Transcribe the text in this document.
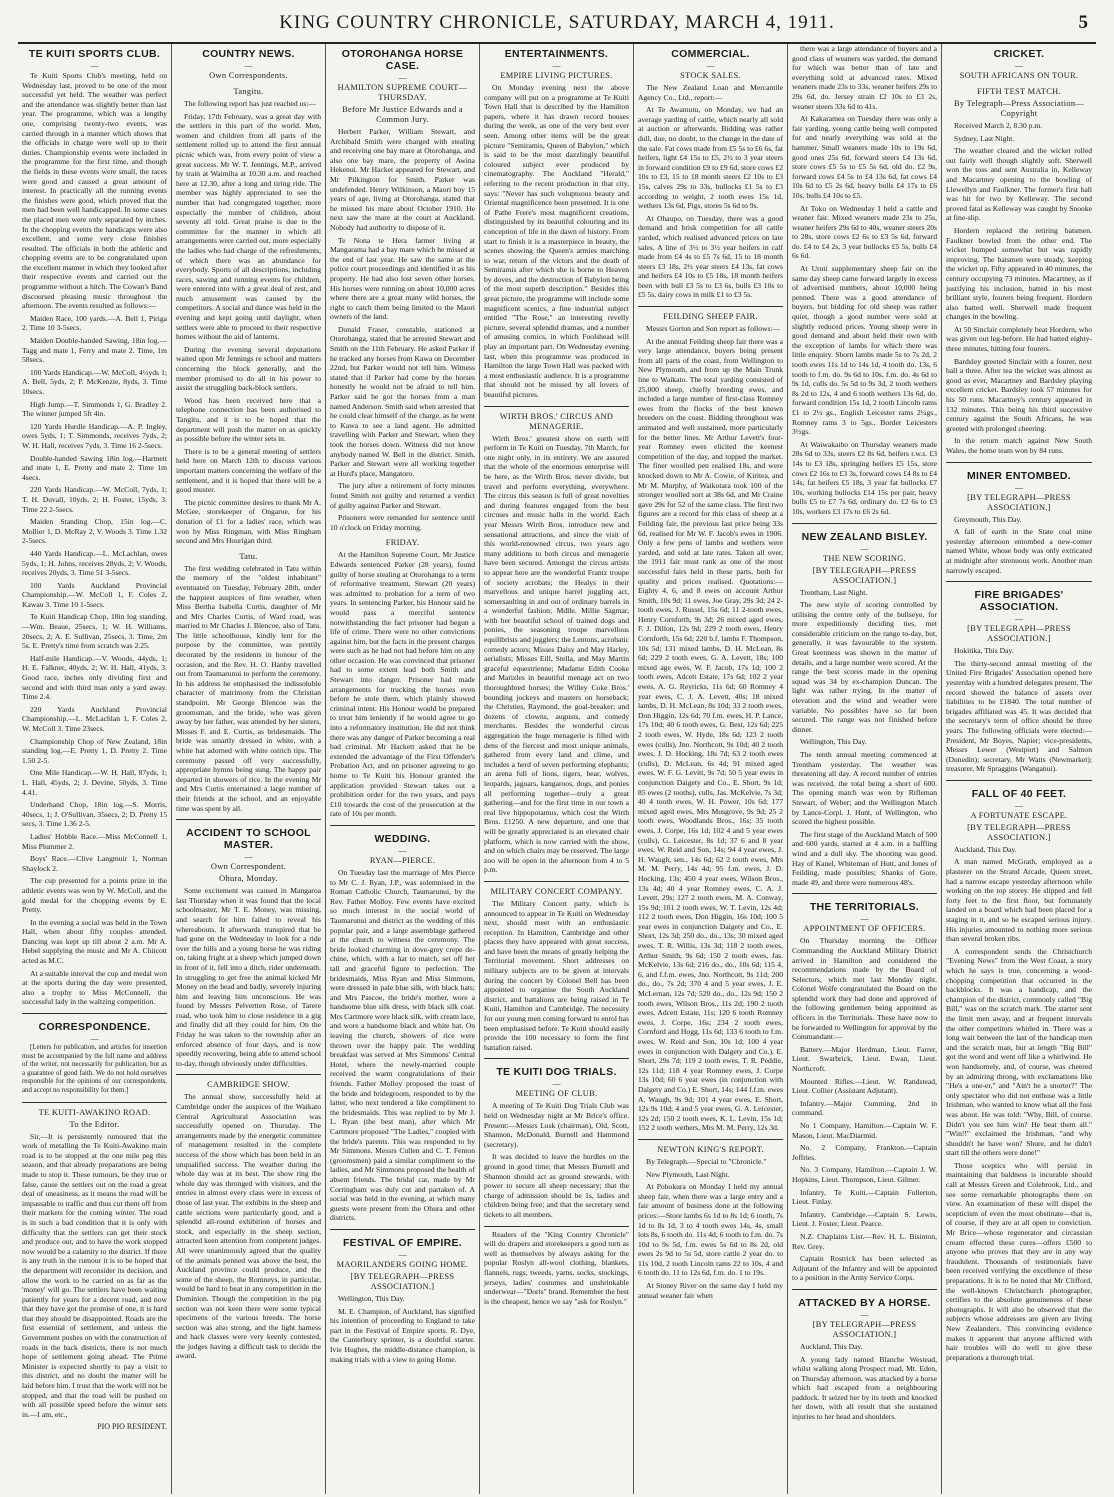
KING COUNTRY CHRONICLE, SATURDAY, MARCH 4, 1911.	5
TE KUITI SPORTS CLUB.
—

Te Kuiti Sports Club's meeting, held on Wednesday last, proved to be one of the most successful yet held. The weather was perfect and the attendance was slightly better than last year. The programme, which was a lengthy one, comprising twenty-two events, was carried through in a manner which shows that the officials in charge were well up to their duties. Championship events were included in the programme for the first time, and though the fields in these events were small, the races were good and caused a great amount of interest. In practically all the running events the finishes were good, which proved that the men had been well handicapped. In some cases the placed men were only separated by inches. In the chopping events the handicaps were also excellent, and some very close finishes resulted. The officials in both the athletic and chopping events are to be congratulated upon the excellent manner in which they looked after their respective events and carried out the programme without a hitch. The Cowan's Band discoursed pleasing music throughout the afternoon. The events resulted as follows:—

Maiden Race, 100 yards.—A. Bell 1, Piriga 2. Time 10 3-5secs.

Maiden Double-handed Sawing, 18in log.—Tagg and mate 1, Ferry and mate 2. Time, 1m 58secs.

100 Yards Handicap.—W. McColl, 4½yds 1; A. Bell, 5yds, 2; P. McKenzie, 8yds, 3. Time 10secs.

High Jump.—T. Simmonds 1, G. Bradley 2. The winner jumped 5ft 4in.

120 Yards Hurdle Handicap.—A. P. Ingley, owes 5yds, 1; T. Simmonds, receives 7yds, 2; W. H. Hall, receives 7yds, 3. Time 16 2-5secs.

Double-handed Sawing 18in log.—Hartnett and mate 1, E. Pretty and mate 2. Time 1m 4secs.

220 Yards Handicap.—W. McColl, 7yds, 1; T. H. Duvall, 10yds, 2; H. Foster, 15yds, 3. Time 22 2-5secs.

Maiden Standing Chop, 15in log.—C. Mollier 1, D. McRay 2, V. Woods 3. Time 1.32 2-5secs.

440 Yards Handicap.—L. McLachlan, owes 5yds, 1; H. Johns, receives 28yds, 2; V. Woods, receives 20yds, 3. Time 51 3-5secs.

100 Yards Auckland Provincial Championship.—W. McColl 1, F. Coles 2, Kawau 3. Time 10 1-5secs.

Te Kuiti Handicap Chop, 18in log standing.—Wm. Beaue, 25secs, 1; W. H. Williams, 20secs, 2; A. E. Sullivan, 25secs, 3. Time, 2m 5s. E. Pretty's time from scratch was 2.25.

Half-mile Handicap.—V. Woods, 44yds, 1; H. E. Falkner, 40yds, 2; W. H. Hall, 41yds, 3. Good race, inches only dividing first and second and with third man only a yard away. Time 2.4.

220 Yards Auckland Provincial Championship.—L. McLachlan 1, F. Coles 2, W. McColl 3. Time 23secs.

Championship Chop of New Zealand, 18in standing log.—E. Pretty 1, D. Pretty 2. Time 1.50 2-5.

One Mile Handicap.—W. H. Hall, 87yds, 1; L. Hall, 45yds, 2; J. Devine, 50yds, 3. Time 4.41.

Underhand Chop, 18in log.—S. Morris, 40secs, 1; J. O'Sullivan, 35secs, 2; D. Pretty 15 secs, 3. Time 1.36 2-5.

Ladies' Hobble Race.—Miss McConnell 1, Miss Plummer 2.

Boys' Race.—Clive Langmuir 1, Norman Shaylock 2.

The cup presented for a points prize in the athletic events was won by W. McColl, and the gold medal for the chopping events by E. Pretty.

In the evening a social was held in the Town Hall, when about fifty couples attended. Dancing was kept up till about 2 a.m. Mr A. Hebel supplying the music and Mr A. Chitcott acted as M.C.

At a suitable interval the cup and medal won at the sports during the day were presented, also a trophy to Miss McConnell, the successful lady in the waltzing competition.

CORRESPONDENCE.
—

[Letters for publication, and articles for insertion must be accompanied by the full name and address of the writer, not necessarily for publication, but as a guarantee of good faith. We do not hold ourselves responsible for the opinions of our correspondents, and accept no responsibility for them.]

TE KUITI-AWAKINO ROAD.
To the Editor.

Sir,—It is persistently rumoured that the work of metalling the Te Kuiti-Awakino main road is to be stopped at the one mile peg this season, and that already preparations are being made to stop it. These rumours, be they true or false, cause the settlers out on the road a great deal of uneasiness, as it means the road will be impassable to traffic and thus cut them off from their markets for the coming winter. The road is in such a bad condition that it is only with difficulty that the settlers can get their stock and produce out, and to have the work stopped now would be a calamity to the district. If there is any truth in the rumour it is to be hoped that the department will reconsider its decision, and allow the work to be carried on as far as the 'money' will go. The settlers have been waiting patiently for years for a decent road, and now that they have got the promise of one, it is hard that they should be disappointed. Roads are the first essential of settlement, and unless the Government pushes on with the construction of roads in the back districts, there is not much hope of settlement going ahead. The Prime Minister is expected shortly to pay a visit to this district, and no doubt the matter will be laid before him. I trust that the work will not be stopped, and that the road will be pushed on with all possible speed before the winter sets in.—I am, etc.,

PIO PIO RESIDENT.
COUNTRY NEWS.
—
Own Correspondents.
Tangitu.

The following report has just reached us:—

Friday, 17th February, was a great day with the settlers in this part of the world. Men, women and children from all parts of the settlement rolled up to attend the first annual picnic which was, from every point of view a great success. Mr W. T. Jennings, M.P., arrived by train at Waimiha at 10.30 a.m. and reached here at 12.30, after a long and tiring ride. The member was highly appreciated to see the number that had congregated together, more especially the number of children, about seventy all told. Great praise is due to the committee for the manner in which all arrangements were carried out, more especially the ladies who had charge of the refreshments, of which there was an abundance for everybody. Sports of all descriptions, including races, sawing and running events for children, were entered into with a great deal of zest, and much amusement was caused by the competitors. A social and dance was held in the evening and kept going until daylight, when settlers were able to proceed to their respective homes without the aid of lanterns.

During the evening several deputations waited upon Mr Jennings re school and matters concerning the block generally, and the member promised to do all in his power to assist the struggling back-block settlers.

Wood has been received here that a telephone connection has been authorised to Tangitu, and it is to be hoped that the department will push the matter on as quickly as possible before the winter sets in.

There is to be a general meeting of settlers held here on March 12th to discuss various important matters concerning the welfare of the settlement, and it is hoped that there will be a good muster.

The picnic committee desires to thank Mr A. McGee, storekeeper of Ongarue, for his donation of £1 for a ladies' race, which was won by Miss Ringman, with Miss Ringham second and Mrs Hourigan third.

Tatu.

The first wedding celebrated in Tatu within the memory of the "oldest inhabitant" eventuated on Tuesday, February 28th, under the happiest auspices of fine weather, when Miss Bertha Isabella Curtis, daughter of Mr and Mrs Charles Curtis, of Ward road, was married to Mr Charles J. Blencoe, also of Tatu. The little schoolhouse, kindly lent for the purpose by the committee, was prettily decorated by the residents in honour of the occasion, and the Rev. H. O. Hanby travelled out from Taumarunui to perform the ceremony. In his address he emphasised the indissoluble character of matrimony from the Christian standpoint. Mr George Blencoe was the groomsman, and the bride, who was given away by her father, was attended by her sisters, Misses F. and E. Curtis, as bridesmaids. The bride was smartly dressed in white, with a white hat adorned with white ostrich tips. The ceremony passed off very successfully, appropriate hymns being sung. The happy pair departed in showers of rice. In the evening Mr and Mrs Curtis entertained a large number of their friends at the school, and an enjoyable time was spent by all.

ACCIDENT TO SCHOOL MASTER.
—
Own Correspondent.
Ohura, Monday.

Some excitement was caused in Mangaroa last Thursday when it was found that the local schoolmaster, Mr T. E. Money, was missing, and search for him failed to reveal his whereabouts. It afterwards transpired that he had gone on the Wednesday to look for a ride over the hills and a young horse he was riding on, taking fright at a sheep which jumped down in front of it, fell into a ditch, rider underneath. In struggling to get free the animal kicked Mr Money on the head and badly, severely injuring him and leaving him unconscious. He was found by Messrs Pelvertten Rose, of Tarere road, who took him to close residence in a gig and finally did all they could for him. On the Friday he was taken to the township after an enforced absence of four days, and is now speedily recovering, being able to attend school to-day, though obviously under difficulties.

CAMBRIDGE SHOW.

The annual show, successfully held at Cambridge under the auspices of the Waikato Central Agricultural Association was successfully opened on Thursday. The arrangements made by the energetic committee of management resulted in the complete success of the show which has been held in an unqualified success. The weather during the whole day was at its best. The show ring the whole day was thronged with visitors, and the entries in almost every class were in excess of those of last year. The exhibits in the sheep and cattle sections were particularly good, and a splendid all-round exhibition of horses and stock, and especially in the sheep section, attracted keen attention from competent judges. All were unanimously agreed that the quality of the animals penned was above the best, the Auckland province could produce, and the some of the sheep, the Romneys, in particular, would be hard to beat in any competition in the Dominion. Though the competition in the pig section was not keen there were some typical specimens of the various breeds. The horse section was also strong, and the light harness and hack classes were very keenly contested, the judges having a difficult task to decide the award.

OTOROHANGA HORSE CASE.
—
HAMILTON SUPREME COURT—THURSDAY.
Before Mr Justice Edwards and a Common Jury.

Herbert Parker, William Stewart, and Archibald Smith were charged with stealing and receiving one bay mare at Otorohanga, and also one bay mare, the property of Awina Hekenui. Mr Hacket appeared for Stewart, and Mr Pilkington for Smith. Parker was undefended. Henry Wilkinson, a Maori boy 15 years of age, living at Otorohanga, stated that he missed his mare about October 1910. He next saw the mare at the court at Auckland. Nobody had authority to dispose of it.

Te Nona te Hera farmer living at Mangarama had a bay mare which he missed at the end of last year. He saw the same at the police court proceedings and identified it as his property. He had also lost seven other horses. His horses were running on about 10,000 acres where there are a great many wild horses, the right to catch them being limited to the Maori owners of the land.

Donald Fraser, constable, stationed at Otorohanga, stated that he arrested Stewart and Smith on the 11th February. He asked Parker if he tracked any horses from Kawa on December 22nd, but Parker would not tell him. Witness stated that if Parker had come by the horses honestly he would not be afraid to tell him. Parker said he got the horses from a man named Anderson. Smith said when arrested that he could clear himself of the charge, as he went to Kawa to see a land agent. He admitted travelling with Parker and Stewart, when they took the horses down. Witness did not know anybody named W. Bell in the district. Smith, Parker and Stewart were all working together at Hurd's place, Mangatoro.

The jury after a retirement of forty minutes found Smith not guilty and returned a verdict of guilty against Parker and Stewart.

Prisoners were remanded for sentence until 10 o'clock on Friday morning.

FRIDAY.

At the Hamilton Supreme Court, Mr Justice Edwards sentenced Parker (28 years), found guilty of horse stealing at Otorohanga to a term of reformative treatment, Stewart (20 years) was admitted to probation for a term of two years. In sentencing Parker, his Honour said he would pass a merciful sentence notwithstanding the fact prisoner had begun a life of crime. There were no other convictions against him, but the facts in the present charges were such as he had not had before him on any other occasion. He was convinced that prisoner had to some extent lead both Smith and Stewart into danger. Prisoner had made arrangements for trucking the horses even before he stole them, which plainly showed criminal intent. His Honour would be prepared to treat him leniently if he would agree to go into a reformatory institution. He did not think there was any danger of Parker becoming a real bad criminal. Mr Hackett asked that he be extended the advantage of the First Offender's Probation Act, and on prisoner agreeing to go home to Te Kuiti his Honour granted the application provided Stewart takes out a prohibition order for the two years, and pays £10 towards the cost of the prosecution at the rate of 10s per month.

WEDDING.
—
RYAN—PIERCE.

On Tuesday last the marriage of Mrs Pierce to Mr C. J. Ryan, J.P., was solemnised in the Roman Catholic Church, Taumarunui, by the Rev. Father Molloy. Few events have excited so much interest in the social world of Taumarunui and district as the wedding of this popular pair, and a large assemblage gathered at the church to witness the ceremony. The bride looked charming in dove-grey crepe de-chine, which, with a hat to match, set off her tall and graceful figure to perfection. The bridesmaids, Miss Ryan and Miss Simmons, were dressed in pale blue silk, with black hats; and Mrs Pascoe, the bride's mother, wore a handsome blue silk dress, with black silk coat. Mrs Cartmore wore black silk, with cream lace, and wore a handsome black and white hat. On leaving the church, showers of rice were thrown over the happy pair. The wedding breakfast was served at Mrs Simmons' Central Hotel, where the newly-married couple received the warm congratulations of their friends. Father Molloy proposed the toast of the bride and bridegroom, responded to by the latter, who next tendered a like compliment to the bridesmaids. This was replied to by Mr J. L. Ryan (the best man), after which Mr Cartmore proposed "The Ladies," coupled with the bride's parents. This was responded to by Mr Simmons. Messrs Cullen and C. T. Fenton (groomsmen) paid a similar compliment to the ladies, and Mr Simmons proposed the health of absent friends. The bridal car, made by Mr Corringham was duly cut and partaken of. A social was held in the evening, at which many guests were present from the Ohura and other districts.

FESTIVAL OF EMPIRE.
—
MAORILANDERS GOING HOME.
[BY TELEGRAPH—PRESS ASSOCIATION.]

Wellington, This Day.

M. E. Champion, of Auckland, has signified his intention of proceeding to England to take part in the Festival of Empire sports. R. Dye, the Canterbury sprinter, is a doubtful starter. Ivie Hughes, the middle-distance champion, is making trials with a view to going Home.

ENTERTAINMENTS.
—
EMPIRE LIVING PICTURES.

On Monday evening next the above company will put on a programme at Te Kuiti Town Hall that is described by the Hamilton papers, where it has drawn record houses during the week, as one of the very best ever seen. Among other items will be the great picture "Semiramis, Queen of Babylon," which is said to be the most dazzlingly beautiful coloured subject ever produced by cinematography. The Auckland "Herald," referring to the recent production in that city, says: "Never has such voluptuous beauty and Oriental magnificence been presented. It is one of Pathe Frere's most magnificent creations, distinguished by its beautiful colouring and its conception of life in the dawn of history. From start to finish it is a masterpiece in beauty, the scenes showing the Queen's armies marching to war, return of the victors and the death of Semiramis after which she is borne to Heaven by doves, and the destruction of Babylon being of the most superb description." Besides this great picture, the programme will include some magnificent scenics, a fine industrial subject entitled "The Rose," an interesting revelly picture, several splendid dramas, and a number of amusing comics, in which Foolshead will play an important part. On Wednesday evening last, when this programme was produced in Hamilton the large Town Hall was packed with a most enthusiastic audience. It is a programme that should not be missed by all lovers of beautiful pictures.

WIRTH BROS.' CIRCUS AND MENAGERIE.

Wirth Bros.' greatest show on earth will perform in Te Kuiti on Tuesday, 7th March, for one night only, in its entirety. We are assured that the whole of the enormous enterprise will be here, as the Wirth Bros. never divide, but travel and perform everything, everywhere. The circus this season is full of great novelties and during features engaged from the best circuses and music halls in the world. Each year Messrs Wirth Bros. introduce new and sensational attractions, and since the visit of this world-renowned circus, two years ago many additions to both circus and menagerie have been secured. Amongst the circus artists to appear here are the wonderful Frantz troupe of society acrobats; the Healys in their marvellous and unique barrel juggling act, somersaulting in and out of ordinary barrels in a wonderful fashion; Mdlle. Millie Sagmar, with her beautiful school of trained dogs and ponies, the seasoning troupe marvellous equilibrists and jugglers; the Lentons, acrobatic comedy actors; Misses Daisy and May Harley, aerialists; Misses Eill, Stella, and May Martin graceful equestrienne; Madame Edith Cooke and Marizles in beautiful menage act on two thoroughbred horses; the Willey Coke Bros.' bounding jockeys and masters on horseback; the Christies, Raymond, the goal-breaker; and dozens of clowns, augusts, and comedy merchants. Besides the wonderful circus aggregation the huge menagerie is filled with dens of the fiercest and most unique animals, gathered from every land and clime, and includes a herd of seven performing elephants; an arena full of lions, tigers, bear, wolves, leopards, jaguars, kangaroos, dogs, and ponies all performing together—truly a great gathering—and for the first time in our town a real live hippopotamus, which cost the Wirth Bros. £1250. A new departure, and one that will be greatly appreciated is an elevated chair platform, which is now carried with the show, and on which chairs may be reserved. The large zoo will be open in the afternoon from 4 to 5 p.m.

MILITARY CONCERT COMPANY.

The Military Concert party, which is announced to appear in Te Kuiti on Wednesday next, should meet with an enthusiastic reception. In Hamilton, Cambridge and other places they have appeared with great success, and have been the means of greatly helping the Territorial movement. Short addresses on military subjects are to be given at intervals during the concert by Colonel Bell has been appointed to organise the South Auckland district, and battalions are being raised in Te Kuiti, Hamilton and Cambridge. The necessity for our young men coming forward to enrol has been emphasised before. Te Kuiti should easily provide the 100 necessary to form the first battalion raised.

TE KUITI DOG TRIALS.
—
MEETING OF CLUB.

A meeting of Te Kuiti Dog Trials Club was held on Wednesday night at Mr Brice's office. Present:—Messrs Lusk (chairman), Old, Scott, Shannon, McDonald, Burnell and Hammond (secretary).

It was decided to leave the hurdles on the ground in good time; that Messrs Burnell and Shannon should act as ground stewards, with power to secure all sheep necessary; that the charge of admission should be 1s, ladies and children being free; and that the secretary send tickets to all members.

Readers of the "King Country Chronicle" will do drapers and storekeepers a good turn as well as themselves by always asking for the popular Roslyn all-wool clothing, blankets, flannels, rugs, tweeds, yarns, socks, stockings, jerseys, ladies' costumes and unshrinkable underwear—"Doris" brand. Remember the best is the cheapest, hence we say "ask for Roslyn."

COMMERCIAL.
—
STOCK SALES.

The New Zealand Loan and Mercantile Agency Co., Ltd., report:—

At Te Awamutu, on Monday, we had an average yarding of cattle, which nearly all sold at auction or afterwards. Bidding was rather dull, due, no doubt, to the change in the date of the sale. Fat cows made from £5 5s to £6 6s, fat heifers, light £4 15s to £5, 2½ to 3 year steers in forward condition £9 to £9 6d, store cows £2 10s to £3, 15 to 18 month steers £2 10s to £3 15s, calves 29s to 33s, bullocks £1 5s to £3 according to weight, 2 tooth ewes 15s 1d, wethers 13s 6d, Pigs, stores 5s 6d to 9s.

At Ohaupo, on Tuesday, there was a good demand and brisk competition for all cattle yarded, which realised advanced prices on late sales. A line of 3½ to 3½ year heifers in calf made from £4 4s to £5 7s 6d, 15 to 18 month steers £3 18s, 2½ year steers £4 13s, fat cows and heifers £4 10s to £5 18s, 18 month heifers been with bull £3 5s to £3 6s, bulls £3 10s to £5 5s, dairy cows in milk £1 to £3 5s.

FEILDING SHEEP FAIR.

Messrs Gorton and Son report as follows:—

At the annual Feilding sheep fair there was a very large attendance, buyers being present from all parts of the coast, from Wellington to New Plymouth, and from up the Main Trunk line to Waikato. The total yarding consisted of 25,000 sheep, chiefly breeding ewes, and included a large number of first-class Romney ewes from the flocks of the best known breeders on the coast. Bidding throughout was animated and well sustained, more particularly for the better lines. Mr Arthur Levett's four-year Romney ewes elicited the keenest competition of the day, and topped the market. The finer woolled pen realised 18s, and were knocked down to Mr A. Cowie, of Kiritea, and Mr M. Murphy, of Waikotara took 100 of the stronger woolled sort at 38s 6d, and Mr Craine gave 29s for 52 of the same class. The first two figures are a record for this class of sheep at a Feilding fair, the previous last price being 33s 6d, realised for Mr W. F. Jacob's ewes in 1906. Only a few pens of lambs and wethers were yarded, and sold at late rates. Taken all over, the 1911 fair must rank as one of the most successful fairs held in these parts, both for quality and prices realised. Quotations:—Eighty 4, 6, and 8 ewes on account Arthur Smith, 10s 9d; 11 ewes, Joe Gray, 29s 3d; 24 2-tooth ewes, J. Russel, 15s 6d; 11 2-tooth ewes, Henry Cornforth, 9s 3d; 26 mixed aged ewes, F. J. Dillon, 12s 9d; 229 2 tooth ewes, Henry Cornforth, 15s 6d; 220 b.f. lambs F. Thompson, 10s 5d; 131 mixed lambs, D. H. McLean, 8s 6d; 229 2 tooth ewes, G. A. Levett, 18s; 100 mixed age ewes, W. F. Jacob, 17s 1d; 100 2 tooth ewes, Adcett Estate, 17s 6d; 102 2 year ewes, A. G. Reyricks, 11s 6d; 60 Romney 4 year ewes, C. J. A. Levett, 40s; 18 mixed lambs, D. H. McLean, 8s 10d; 33 2 tooth ewes, Don Higgin, 12s 6d; 70 f.m. ewes, H. P. Lance, 17s 10d; 40 6 tooth ewes, G. Best, 12s 6d; 225 2 tooth ewes, W. Hyde, 18s 6d; 123 2 tooth ewes (culls), Jno. Northcott, 9s 10d; 40 2 tooth ewes, J. D. Hocking, 18s 7d; 63 2 tooth ewes (culls), D. McLean, 6s 4d; 91 mixed aged ewes, W. F. G. Levitt, 9s 7d; 50 5 year ewes in conjunction Daigety and Co., E. Short, 9s 1d; 85 ewes (2 tooths), culls, Jas. McKelvie, 7s 3d; 40 4 tooth ewes, W. H. Power, 10s 6d; 177 mixed aged ewes, Mrs Musgrove, 9s 9d; 25 2 tooth ewes, Woodlands Bros., 16s; 35 tooth ewes, J. Corpe, 16s 1d; 102 4 and 5 year ewes (culls), G. Leicester, 8s 1d; 37 6 and 8 year ewes, W. Reid and Son, 14s; 94 4 year ewes, J. H. Waugh, sen., 14s 6d; 62 2 tooth ewes, Mrs M. M. Perry, 14s 4d; 95 f.m. ewes, J. D. Hocking, 13s; 450 4 year ewes, Wilson Bros., 13s 4d; 40 4 year Romney ewes, C. A. J. Levett, 29s; 127 2 tooth ewes, M. A. Conway, 15s 9d; 101 2 tooth ewes, W. T. Levin, 12s 4d; 112 2 tooth ewes, Don Higgin, 16s 10d; 100 5 year ewes in conjunction Daigety and Co., E. Short, 12s 3d; 250 do., do., 13s; 30 mixed aged ewes, T. R. Willis, 13s 3d; 118 2 tooth ewes, Arthur Smith, 9s 6d; 150 2 tooth ewes, Jas. McKelvie, 13s 6d; 216 do., do., 10s 6d; 115 4, 6, and f.f.m. ewes, Jno. Northcott, 9s 11d; 200 do., do., 7s 2d; 370 4 and 5 year ewes, J. E. McLernan, 12s 7d; 520 do., do., 12s 9d; 150 2 tooth ewes, Wilson Bros., 11s 2d; 190 2 tooth ewes, Adcett Estate, 11s; 120 6 tooth Romney ewes, J. Corpe, 16s; 234 2 tooth ewes, Cornford and Hogg, 11s 6d; 133 6 tooth to f.m. ewes, W. Reid and Son, 10s 1d; 100 4 year ewes in conjunction with Dalgety and Co.), E. Short, 29s 7d; 119 2 tooth ewes, T. R. Peddie, 12s 11d; 118 4 year Romney ewes, J. Corpe 13s 10d; 60 6 year ewes (in conjunction with Dalgety and Co.) E. Short, 14s; 144 f.f.m. ewes A. Waugh, 9s 9d; 101 4 year ewes, E. Short, 12s 9s 10d; 4 and 5 year ewes, G. A. Leicester, 12s 2d; 150 2 tooth ewes, K. L. Levin, 15s 1d; 152 2 tooth wethers, Mrs M. M. Perry, 12s 3d.

NEWTON KING'S REPORT.

By Telegraph.—Special to "Chronicle."

New Plymouth, Last Night.

At Pohokura on Monday I held my annual sheep fair, when there was a large entry and a fair amount of business done at the following prices:—Store lambs 6s 1d to 8s 1d; 6 tooth, 7s 1d to 8s 1d, 3 to 4 tooth ewes 14s, 4s, small lots 8s, 6 tooth do. 11s 4d, 6 tooth to f.m. do. 7s 10d to 9s 5d, f.m. ewes 5s 6d to 8s 2d, old ewes 2s 9d to 5s 5d, store cattle 2 year do. to 11s 10d, 2 tooth Lincoln rams 22 to 10s, 4 and 6 tooth do. 11 to 12s 6d, f.m. do. 1 to 19s.

At Stoney River on the same day I held my annual weaner fair when

there was a large attendance of buyers and a good class of weaners was yarded, the demand for which was better than of late and everything sold at advanced rates. Mixed weaners made 23s to 33s, weaner heifers 29s to 29s 6d, do. Jersey strain £2 10s to £3 2s, weaner steers 33s 6d to 41s.

At Kakaramea on Tuesday there was only a fair yarding, young cattle being well competed for and nearly everything was sold at the hammer. Small weaners made 10s to 19s 6d, good ones 25s 6d, forward steers £4 13s 6d, store cows £5 5s to £5 5s 6d, old do. £2 9s, forward cows £4 5s to £4 13s 6d, fat cows £4 10s 6d to £5 2s 6d, heavy bulls £4 17s to £6 10s, bulls £4 10s to £5.

At Toko on Wednesday I held a cattle and weaner fair. Mixed weaners made 23s to 25s, weaner heifers 29s 6d to 40s, weaner steers 20s to 28s, store cows £2 6s to £3 5s 6d, forward do. £4 to £4 2s, 3 year bullocks £5 5s, bulls £4 6s 6d.

At Uruti supplementary sheep fair on the same day sheep came forward largely in excess of advertised numbers, about 10,000 being penned. There was a good attendance of buyers, but bidding for old sheep was rather quiet, though a good number were sold at slightly reduced prices. Young sheep were in good demand and about held their own with the exception of lambs for which there was little enquiry. Shorn lambs made 5s to 7s 2d, 2 tooth ewes 11s 1d to 14s 1d, 4 tooth do. 13s, 6 tooth to f.m. do. 9s 6d to 10s, f.m. do. 4s 6d to 9s 1d, culls do. 5s 5d to 9s 3d, 2 tooth wethers 8s 2d to 12s, 4 and 6 tooth wethers 13s 6d, do. forward condition 15s 1d, 2 tooth Lincoln rams £1 to 2½ gs., English Leicester rams 2¼gs., Romney rams 3 to 5gs., Border Leicesters 3½gs.

At Waiwakaiho on Thursday weaners made 28s 6d to 33s, steers £2 8s 6d, heifers r.w.s. £3 14s to £3 18s, springing heifers £5 15s, store cows £2 16s to £3 3s, forward cows £4 8s to £4 14s, fat heifers £5 18s, 3 year fat bullocks £7 10s, working bullocks £14 15s per pair, heavy bulls £5 to £7 7s 6d, ordinary do. £2 6s to £3 10s, workers £3 17s to £6 2s 6d.

NEW ZEALAND BISLEY.
—
THE NEW SCORING.
[BY TELEGRAPH—PRESS ASSOCIATION.]

Trentham, Last Night.

The new style of scoring controlled by utilising the centre only of the bullseye, for more expeditiously deciding ties, met considerable criticism on the range to-day, but, generally, it was favourable to the system. Great keenness was shown in the matter of details, and a large number were scored. At the range the best scores made in the opening squad was 34 by ex-champion Duncan. The light was rather trying. In the matter of elevation and the wind and weather were variable. No possibles have so far been secured. The range was not finished before dinner.

Wellington, This Day.

The tenth annual meeting commenced at Trentham yesterday. The weather was threatening all day. A record number of entries was received, the total being a short of 600. The opening match was won by Rifleman Stewart, of Weber; and the Wellington Match by Lance-Corpl. J. Hunt, of Wellington, who scored the highest possible.

The first stage of the Auckland Match of 500 and 600 yards, started at 4 a.m. in a baffling wind and a dull sky. The shooting was good. Hay of Kanel, Whiteman of Hutt, and Jones of Feilding, made possibles; Shanks of Gore, made 49, and there were numerous 48's.

THE TERRITORIALS.
—
APPOINTMENT OF OFFICERS.

On Thursday morning the Officer Commanding the Auckland Military District arrived in Hamilton and considered the recommendations made by the Board of Selectors, which met last Monday night. Colonel Wolfe congratulated the Board on the splendid work they had done and approved of the following gentlemen being appointed as officers in the Territorials. These have now to be forwarded to Wellington for approval by the Commandant:—

Battery.—Major Herdman, Lieut. Farrer, Lieut. Swarbrick, Lieut. Ewan, Lieut. Northcroft.

Mounted Rifles.—Lieut. W. Randstead, Lieut. Collier (Assistant Adjutant).

Infantry.—Major Cumming, 2nd in command.

No 1 Company, Hamilton.—Captain W. F. Mason, Lieut. MacDiarmid.

No. 2 Company, Frankton.—Captain Jeffries.

No. 3 Company, Hamilton.—Captain J. W. Hopkins, Lieut. Thompson, Lieut. Gilmer.

Infantry, Te Kuiti.—Captain Fullerton, Lieut. Finlay.

Infantry, Cambridge.—Captain S. Lewis, Lieut. J. Foster, Lieut. Pearce.

N.Z. Chaplains List.—Rev. H. L. Bisinton, Rev. Grey.

Captain Rostrick has been selected as Adjutant of the Infantry and will be appointed to a position in the Army Service Corps.

ATTACKED BY A HORSE.
—
[BY TELEGRAPH—PRESS ASSOCIATION.]

Auckland, This Day.

A young lady named Blanche Westead, whilst walking along Prospect road, Mt. Eden, on Thursday afternoon, was attacked by a horse which had escaped from a neighbouring paddock. It seized her by its teeth and knocked her down, with all result that she sustained injuries to her head and shoulders.

CRICKET.
—
SOUTH AFRICANS ON TOUR.
FIFTH TEST MATCH.
By Telegraph—Press Association—Copyright

Received March 2, 8.30 p.m.

Sydney, Last Night.

The weather cleared and the wicket rolled out fairly well though slightly soft. Sherwell won the toss and sent Australia in, Kelleway and Macartney opening to the bowling of Llewellyn and Faulkner. The former's first ball was hit for two by Kelleway. The second proved fatal as Kelleway was caught by Snooke at fine-slip.

Hordern replaced the retiring batsmen. Faulkner bowled from the other end. The wicket bumped somewhat but was rapidly improving. The batsmen were steady, keeping the wicket up. Fifty appeared in 40 minutes, the century occupying 73 minutes. Macartney, as if justifying his inclusion, batted in his most brilliant style, fourers being frequent. Hordern also batted well. Sherwell made frequent changes in the bowling.

At 50 Sinclair completely beat Hordern, who was given out leg-before. He had batted eighty-three minutes, hitting four fourers.

Bardsley greeted Sinclair with a fourer, next ball a three. After tea the wicket was almost as good as ever, Macartney and Bardsley playing excellent cricket. Bardsley took 57 minutes for his 50 runs. Macartney's century appeared in 132 minutes. This being his third successive century against the South Africans, he was greeted with prolonged cheering.

In the return match against New South Wales, the home team won by 84 runs.

MINER ENTOMBED.
—
[BY TELEGRAPH—PRESS ASSOCIATION.]

Greymouth, This Day.

A fall of earth in the State coal mine yesterday afternoon entombed a new-comer named White, whose body was only extricated at midnight after strenuous work. Another man narrowly escaped.

FIRE BRIGADES' ASSOCIATION.
—
[BY TELEGRAPH—PRESS ASSOCIATION.]

Hokitika, This Day.

The thirty-second annual meeting of the United Fire Brigades' Association opened here yesterday with a hundred delegates present. The record showed the balance of assets over liabilities to be £1840. The total number of brigades affiliated was 45. It was decided that the secretary's term of office should be three years. The following officials were elected:—President, Mr Boyes, Napier; vice-presidents, Messrs Lewer (Westport) and Salmon (Dunedin); secretary, Mr Watts (Newmarket); treasurer, Mr Spraggins (Wanganui).

FALL OF 40 FEET.
—
A FORTUNATE ESCAPE.
[BY TELEGRAPH—PRESS ASSOCIATION.]

Auckland, This Day.

A man named McGrath, employed as a plasterer on the Strand Arcade, Queen street, had a narrow escape yesterday afternoon while working on the top storey. He slipped and fell forty feet to the first floor, but fortunately landed on a board which had been placed for a staging in it, and so he escaped serious injury. His injuries amounted to nothing more serious than several broken ribs.

A correspondent sends the Christchurch "Evening News" from the West Coast, a story which he says is true, concerning a wood-chopping competition that occurred in the backblocks. It was a handicap, and the champion of the district, commonly called "Big Bill," was on the scratch mark. The starter sent the limit men away, and at frequent intervals the other competitors whirled in. There was a long wait between the last of the handicap men and the scratch man, but at length "Big Bill" got the word and went off like a whirlwind. He won handsomely, and, of course, was cheered by an admiring throng, with exclamations like "He's a one-er," and "Ain't he a snorter?" The only spectator who did not enthuse was a little Irishman, who wanted to know what all the fuss was about. He was told: "Why, Bill, of course. Didn't you see him win? He beat them all." "Win!!" exclaimed the Irishman, "and why shouldn't he have won? Shure, and he didn't start till the others were done!"

Those sceptics who will persist in maintaining that baldness is incurable should call at Messrs Green and Colebrook, Ltd., and see some remarkable photographs there on view. An examination of these will dispel the scepticism of even the most obstinate—that is, of course, if they are at all open to conviction. Mr Brice—whose regenerator and circassian cream effected these cures—offers £500 to anyone who proves that they are in any way fraudulent. Thousands of testimonials have been received verifying the excellence of these preparations. It is to be noted that Mr Clifford, the well-known Christchurch photographer, certifies to the absolute genuineness of these photographs. It will also be observed that the subjects whose addresses are given are living New Zealanders. This convincing evidence makes it apparent that anyone afflicted with hair troubles will do well to give these preparations a thorough trial.
